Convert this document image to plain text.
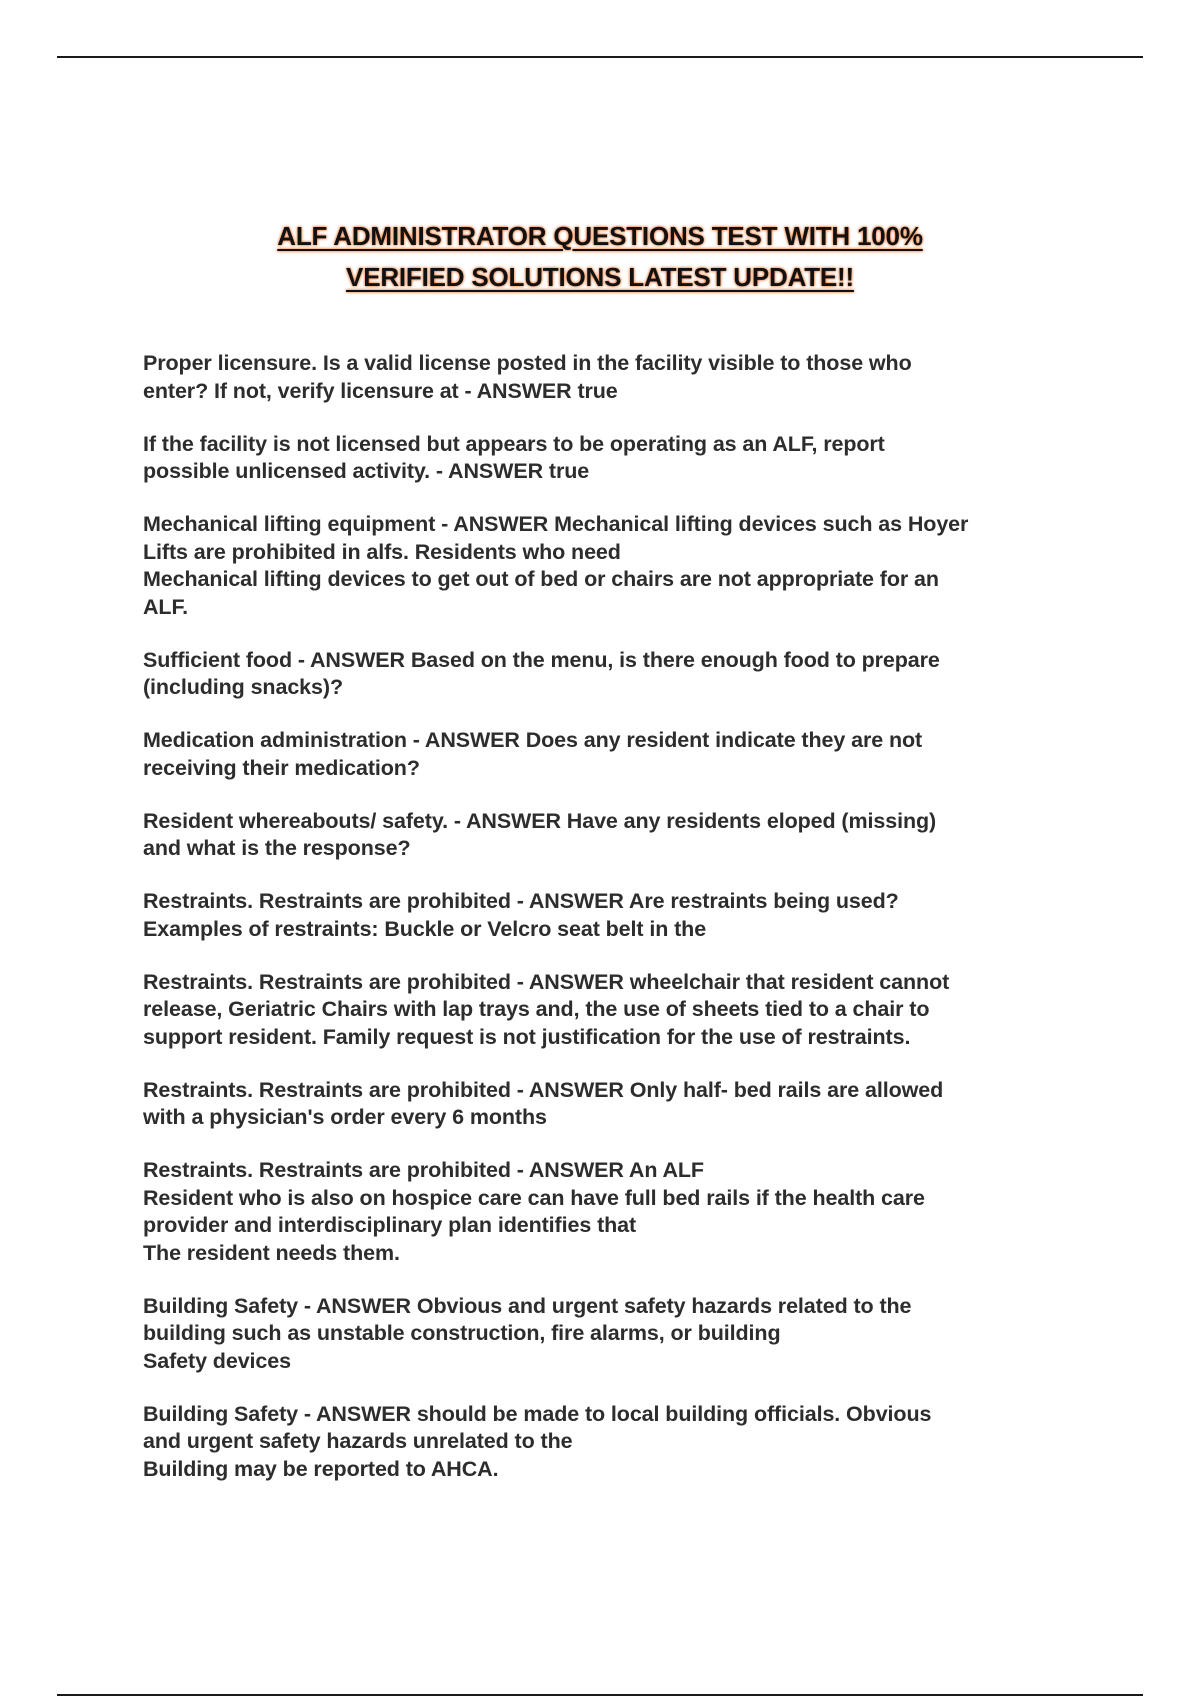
ALF ADMINISTRATOR QUESTIONS TEST WITH 100%
VERIFIED SOLUTIONS LATEST UPDATE!!

Proper licensure. Is a valid license posted in the facility visible to those who
enter? If not, verify licensure at - ANSWER true

If the facility is not licensed but appears to be operating as an ALF, report
possible unlicensed activity. - ANSWER true

Mechanical lifting equipment - ANSWER Mechanical lifting devices such as Hoyer
Lifts are prohibited in alfs. Residents who need
Mechanical lifting devices to get out of bed or chairs are not appropriate for an
ALF.

Sufficient food - ANSWER Based on the menu, is there enough food to prepare
(including snacks)?

Medication administration - ANSWER Does any resident indicate they are not
receiving their medication?

Resident whereabouts/ safety. - ANSWER Have any residents eloped (missing)
and what is the response?

Restraints. Restraints are prohibited - ANSWER Are restraints being used?
Examples of restraints: Buckle or Velcro seat belt in the

Restraints. Restraints are prohibited - ANSWER wheelchair that resident cannot
release, Geriatric Chairs with lap trays and, the use of sheets tied to a chair to
support resident. Family request is not justification for the use of restraints.

Restraints. Restraints are prohibited - ANSWER Only half- bed rails are allowed
with a physician's order every 6 months

Restraints. Restraints are prohibited - ANSWER An ALF
Resident who is also on hospice care can have full bed rails if the health care
provider and interdisciplinary plan identifies that
The resident needs them.

Building Safety - ANSWER Obvious and urgent safety hazards related to the
building such as unstable construction, fire alarms, or building
Safety devices

Building Safety - ANSWER should be made to local building officials. Obvious
and urgent safety hazards unrelated to the
Building may be reported to AHCA.
